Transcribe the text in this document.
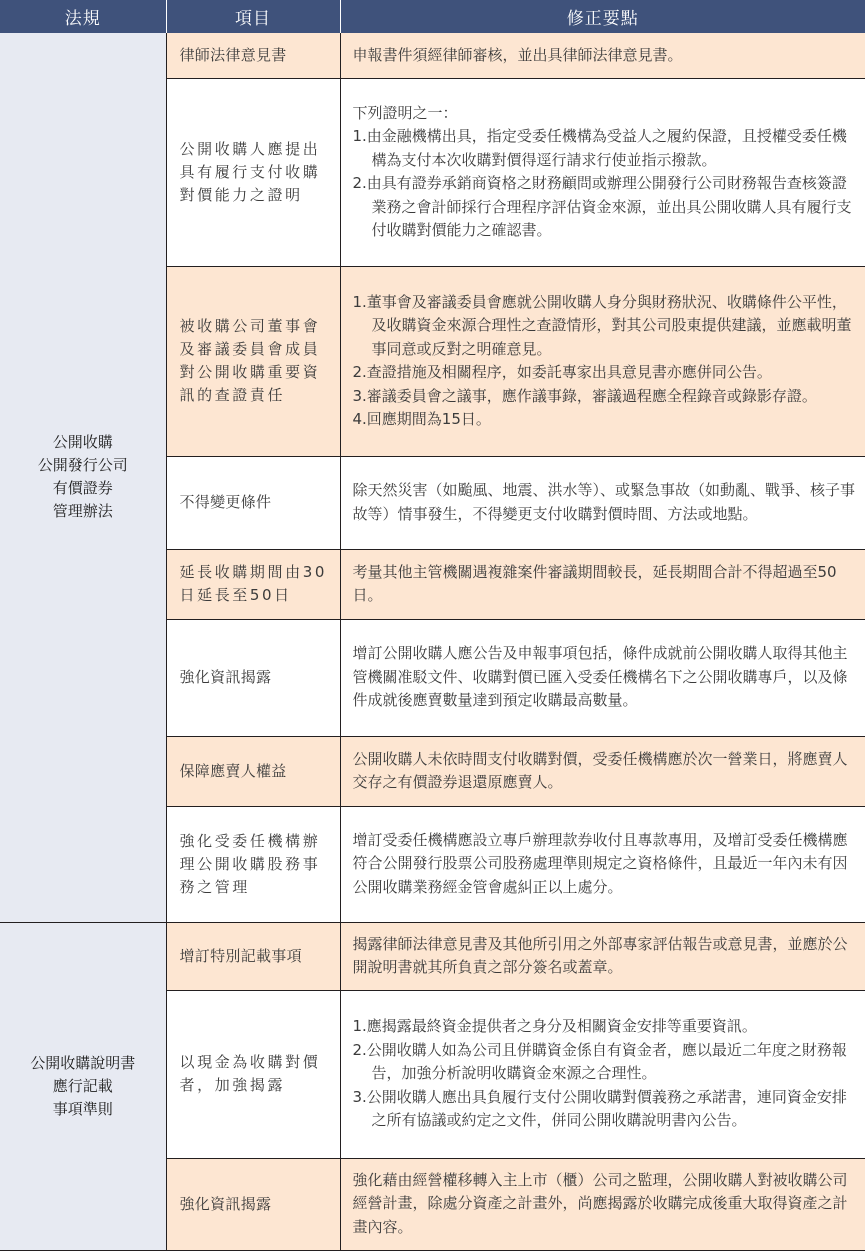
法規	項目	修正要點

公開收購
公開發行公司
有價證券
管理辦法	律師法律意見書	申報書件須經律師審核，並出具律師法律意見書。

	公開收購人應提出具有履行支付收購對價能力之證明	下列證明之一：
1.由金融機構出具，指定受委任機構為受益人之履約保證，且授權受委任機構為支付本次收購對價得逕行請求行使並指示撥款。
2.由具有證券承銷商資格之財務顧問或辦理公開發行公司財務報告查核簽證業務之會計師採行合理程序評估資金來源，並出具公開收購人具有履行支付收購對價能力之確認書。

	被收購公司董事會及審議委員會成員對公開收購重要資訊的查證責任	1.董事會及審議委員會應就公開收購人身分與財務狀況、收購條件公平性，及收購資金來源合理性之查證情形，對其公司股東提供建議，並應載明董事同意或反對之明確意見。
2.查證措施及相關程序，如委託專家出具意見書亦應併同公告。
3.審議委員會之議事，應作議事錄，審議過程應全程錄音或錄影存證。
4.回應期間為15日。

	不得變更條件	除天然災害（如颱風、地震、洪水等）、或緊急事故（如動亂、戰爭、核子事故等）情事發生，不得變更支付收購對價時間、方法或地點。

	延長收購期間由30日延長至50日	考量其他主管機關遇複雜案件審議期間較長，延長期間合計不得超過至50日。

	強化資訊揭露	增訂公開收購人應公告及申報事項包括，條件成就前公開收購人取得其他主管機關准駁文件、收購對價已匯入受委任機構名下之公開收購專戶，以及條件成就後應賣數量達到預定收購最高數量。

	保障應賣人權益	公開收購人未依時間支付收購對價，受委任機構應於次一營業日，將應賣人交存之有價證券退還原應賣人。

	強化受委任機構辦理公開收購股務事務之管理	增訂受委任機構應設立專戶辦理款券收付且專款專用，及增訂受委任機構應符合公開發行股票公司股務處理準則規定之資格條件，且最近一年內未有因公開收購業務經金管會處糾正以上處分。

公開收購說明書
應行記載
事項準則	增訂特別記載事項	揭露律師法律意見書及其他所引用之外部專家評估報告或意見書，並應於公開說明書就其所負責之部分簽名或蓋章。

	以現金為收購對價者，加強揭露	1.應揭露最終資金提供者之身分及相關資金安排等重要資訊。
2.公開收購人如為公司且併購資金係自有資金者，應以最近二年度之財務報告，加強分析說明收購資金來源之合理性。
3.公開收購人應出具負履行支付公開收購對價義務之承諾書，連同資金安排之所有協議或約定之文件，併同公開收購說明書內公告。

	強化資訊揭露	強化藉由經營權移轉入主上市（櫃）公司之監理，公開收購人對被收購公司經營計畫，除處分資產之計畫外，尚應揭露於收購完成後重大取得資產之計畫內容。
